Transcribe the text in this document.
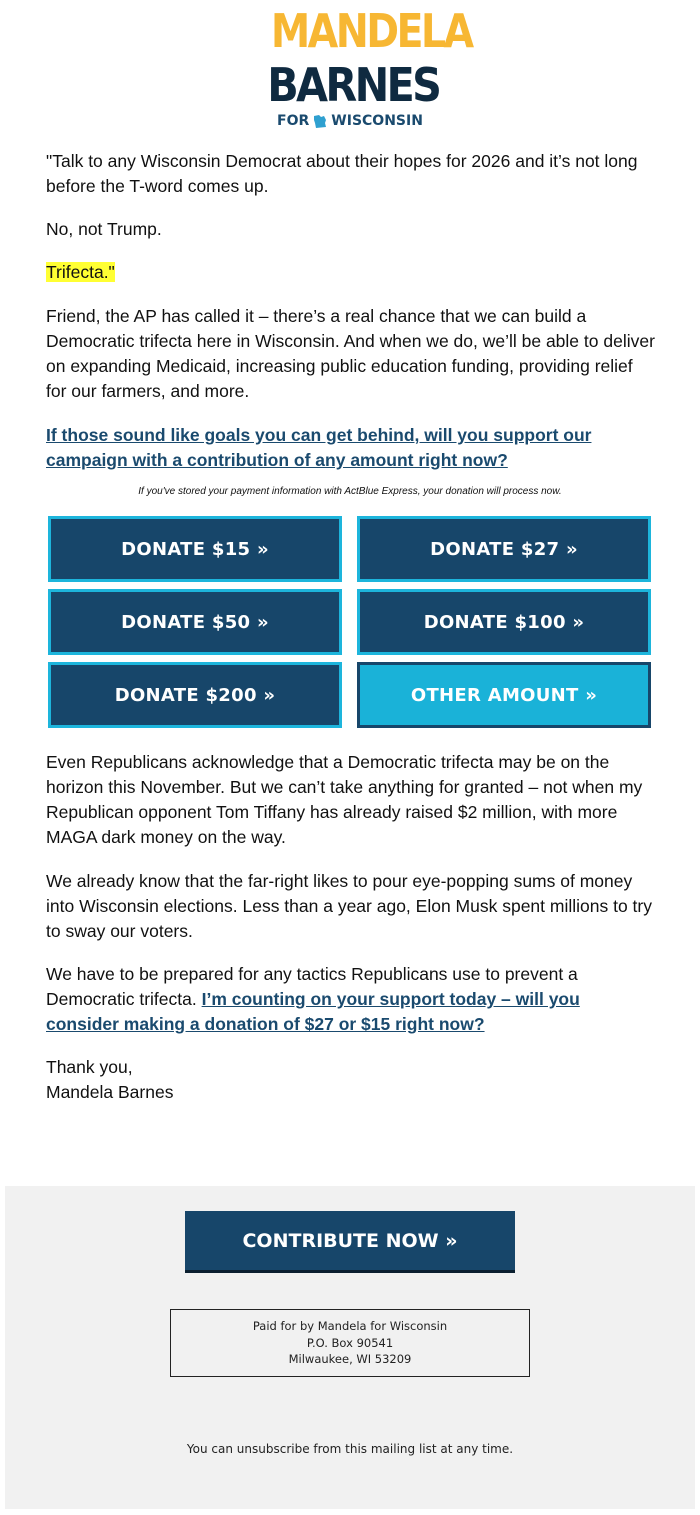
MANDELA
BARNES
FOR WISCONSIN

"Talk to any Wisconsin Democrat about their hopes for 2026 and it’s not long before the T-word comes up.

No, not Trump.

Trifecta."

Friend, the AP has called it – there’s a real chance that we can build a Democratic trifecta here in Wisconsin. And when we do, we’ll be able to deliver on expanding Medicaid, increasing public education funding, providing relief for our farmers, and more.

If those sound like goals you can get behind, will you support our campaign with a contribution of any amount right now?

If you've stored your payment information with ActBlue Express, your donation will process now.
DONATE $15 »	DONATE $27 »
DONATE $50 »	DONATE $100 »
DONATE $200 »	OTHER AMOUNT »

Even Republicans acknowledge that a Democratic trifecta may be on the horizon this November. But we can’t take anything for granted – not when my Republican opponent Tom Tiffany has already raised $2 million, with more MAGA dark money on the way.

We already know that the far-right likes to pour eye-popping sums of money into Wisconsin elections. Less than a year ago, Elon Musk spent millions to try to sway our voters.

We have to be prepared for any tactics Republicans use to prevent a Democratic trifecta. I’m counting on your support today – will you consider making a donation of $27 or $15 right now?

Thank you,
Mandela Barnes

CONTRIBUTE NOW »
Paid for by Mandela for Wisconsin
P.O. Box 90541
Milwaukee, WI 53209
You can unsubscribe from this mailing list at any time.
